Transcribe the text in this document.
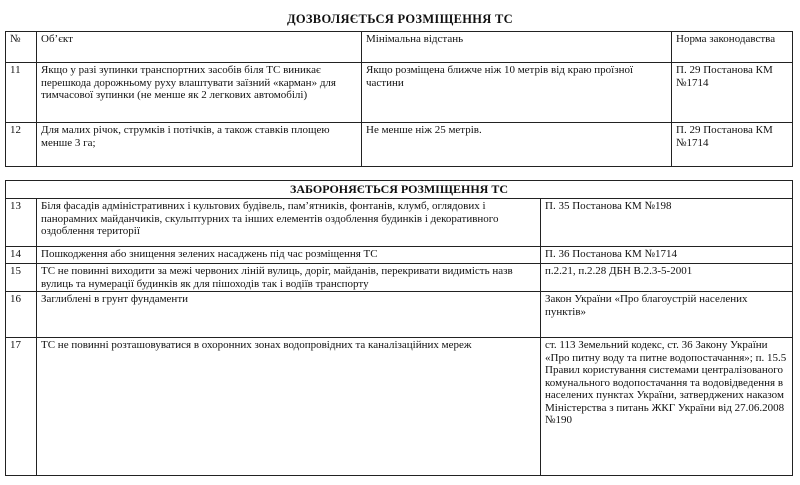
ДОЗВОЛЯЄТЬСЯ РОЗМІЩЕННЯ ТС
№	Об’єкт	Мінімальна відстань	Норма законодавства
11	Якщо у разі зупинки транспортних засобів біля ТС виникає перешкода дорожньому руху влаштувати заїзний «карман» для тимчасової зупинки (не менше як 2 легкових автомобілі)	Якщо розміщена ближче ніж 10 метрів від краю проїзної частини	П. 29 Постанова КМ №1714
12	Для малих річок, струмків і потічків, а також ставків площею менше 3 га;	Не менше ніж 25 метрів.	П. 29 Постанова КМ №1714
ЗАБОРОНЯЄТЬСЯ РОЗМІЩЕННЯ ТС		
13	Біля фасадів адміністративних і культових будівель, пам’ятників, фонтанів, клумб, оглядових і панорамних майданчиків, скульптурних та інших елементів оздоблення будинків і декоративного оздоблення території	П. 35 Постанова КМ №198
14	Пошкодження або знищення зелених насаджень під час розміщення ТС	П. 36 Постанова КМ №1714
15	ТС не повинні виходити за межі червоних ліній вулиць, доріг, майданів, перекривати видимість назв вулиць та нумерації будинків як для пішоходів так і водіїв транспорту	п.2.21, п.2.28 ДБН В.2.3-5-2001
16	Заглиблені в грунт фундаменти	Закон України «Про благоустрій населених пунктів»
17	ТС не повинні розташовуватися в охоронних зонах водопровідних та каналізаційних мереж	ст. 113 Земельний кодекс, ст. 36 Закону України «Про питну воду та питне водопостачання»; п. 15.5 Правил користування системами централізованого комунального водопостачання та водовідведення в населених пунктах України, затверджених наказом Міністерства з питань ЖКГ України від 27.06.2008 №190
